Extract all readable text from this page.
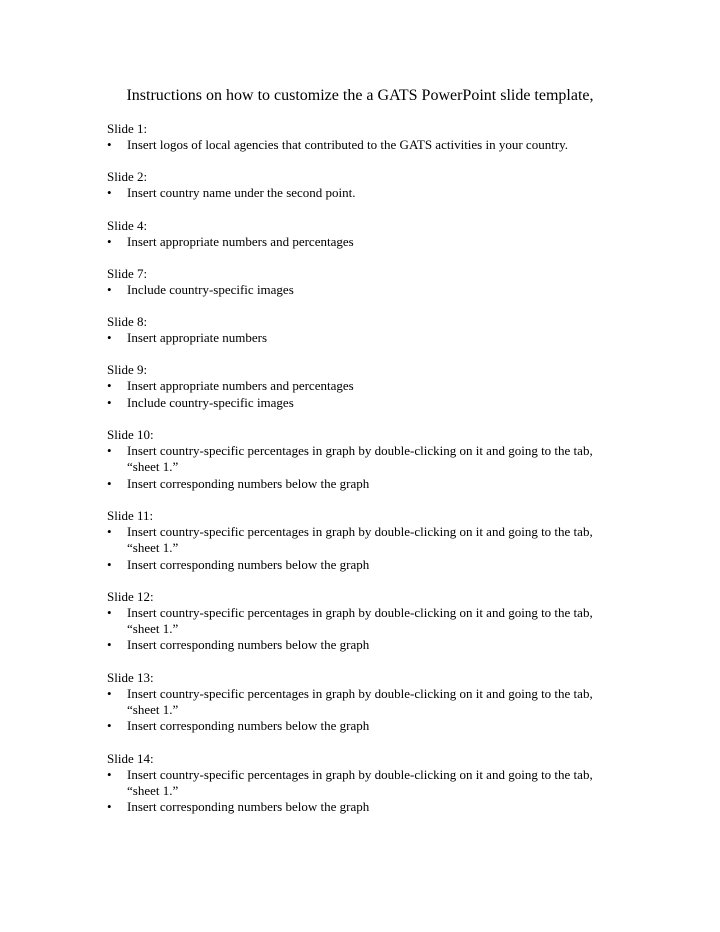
Instructions on how to customize the a GATS PowerPoint slide template,

Slide 1:

•	Insert logos of local agencies that contributed to the GATS activities in your country.

Slide 2:

•	Insert country name under the second point.

Slide 4:

•	Insert appropriate numbers and percentages

Slide 7:

•	Include country-specific images

Slide 8:

•	Insert appropriate numbers

Slide 9:

•	Insert appropriate numbers and percentages
•	Include country-specific images

Slide 10:

•	Insert country-specific percentages in graph by double-clicking on it and going to the tab, “sheet 1.”
•	Insert corresponding numbers below the graph

Slide 11:

•	Insert country-specific percentages in graph by double-clicking on it and going to the tab, “sheet 1.”
•	Insert corresponding numbers below the graph

Slide 12:

•	Insert country-specific percentages in graph by double-clicking on it and going to the tab, “sheet 1.”
•	Insert corresponding numbers below the graph

Slide 13:

•	Insert country-specific percentages in graph by double-clicking on it and going to the tab, “sheet 1.”
•	Insert corresponding numbers below the graph

Slide 14:

•	Insert country-specific percentages in graph by double-clicking on it and going to the tab, “sheet 1.”
•	Insert corresponding numbers below the graph
